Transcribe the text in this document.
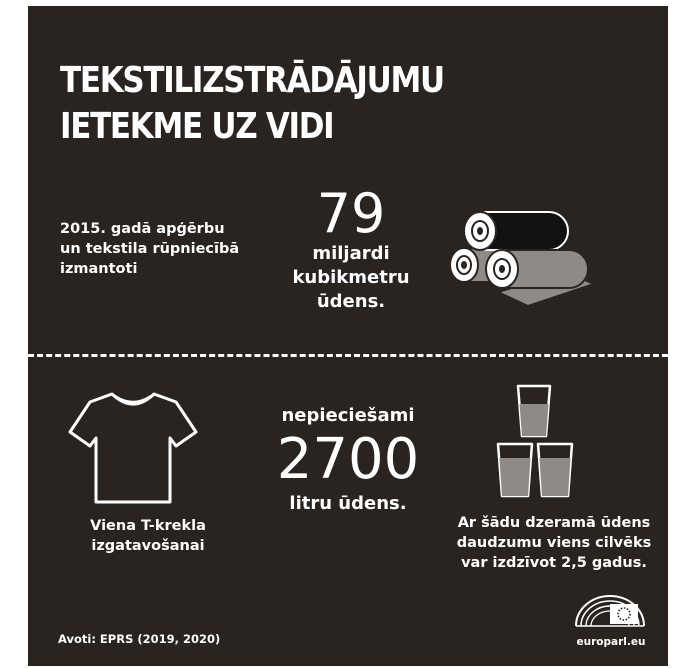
TEKSTILIZSTRĀDĀJUMU
IETEKME UZ VIDI
2015. gadā apģērbu
un tekstila rūpniecībā
izmantoti
79
miljardi
kubikmetru
ūdens.
Viena T-krekla
izgatavošanai
nepieciešami
2700
litru ūdens.
Ar šādu dzeramā ūdens
daudzumu viens cilvēks
var izdzīvot 2,5 gadus.
Avoti: EPRS (2019, 2020)	europarl.eu
